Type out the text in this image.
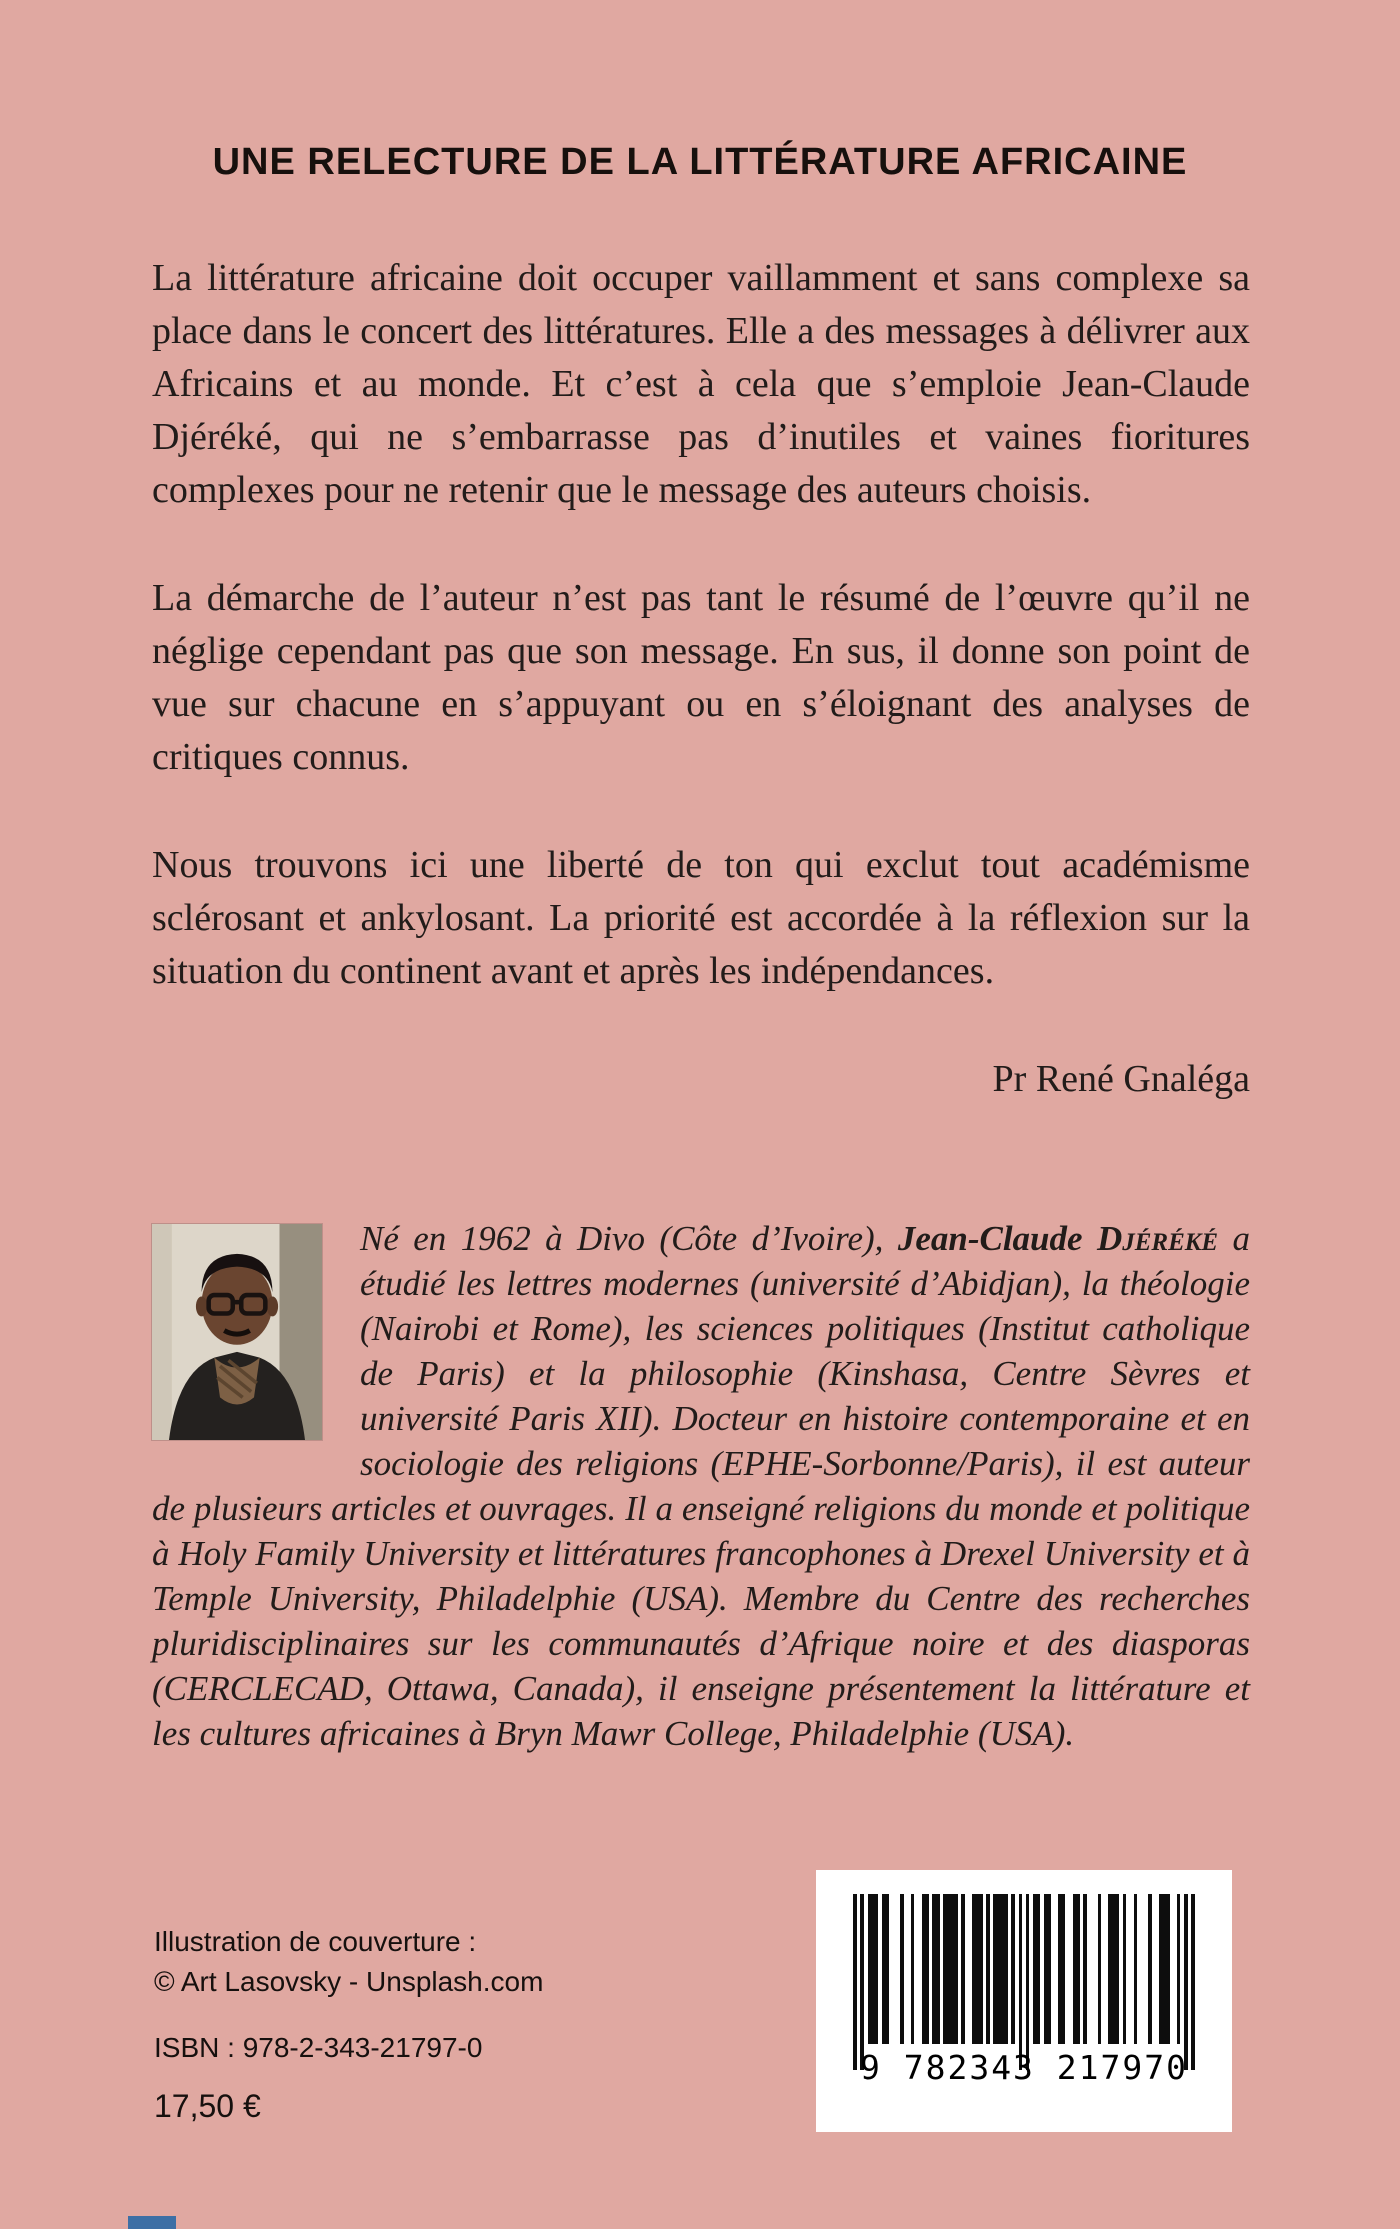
UNE RELECTURE DE LA LITTÉRATURE AFRICAINE

La littérature africaine doit occuper vaillamment et sans complexe sa place dans le concert des littératures. Elle a des messages à délivrer aux Africains et au monde. Et c’est à cela que s’emploie Jean-Claude Djéréké, qui ne s’embarrasse pas d’inutiles et vaines fioritures complexes pour ne retenir que le message des auteurs choisis.

La démarche de l’auteur n’est pas tant le résumé de l’œuvre qu’il ne néglige cependant pas que son message. En sus, il donne son point de vue sur chacune en s’appuyant ou en s’éloignant des analyses de critiques connus.

Nous trouvons ici une liberté de ton qui exclut tout académisme sclérosant et ankylosant. La priorité est accordée à la réflexion sur la situation du continent avant et après les indépendances.

Pr René Gnaléga

Né en 1962 à Divo (Côte d’Ivoire), Jean-Claude Djéréké a étudié les lettres modernes (université d’Abidjan), la théologie (Nairobi et Rome), les sciences politiques (Institut catholique de Paris) et la philosophie (Kinshasa, Centre Sèvres et université Paris XII). Docteur en histoire contemporaine et en sociologie des religions (EPHE-Sorbonne/Paris), il est auteur de plusieurs articles et ouvrages. Il a enseigné religions du monde et politique à Holy Family University et littératures francophones à Drexel University et à Temple University, Philadelphie (USA). Membre du Centre des recherches pluridisciplinaires sur les communautés d’Afrique noire et des diasporas (CERCLECAD, Ottawa, Canada), il enseigne présentement la littérature et les cultures africaines à Bryn Mawr College, Philadelphie (USA).

Illustration de couverture :

© Art Lasovsky - Unsplash.com

ISBN : 978-2-343-21797-0

17,50 €

9 782343 217970
